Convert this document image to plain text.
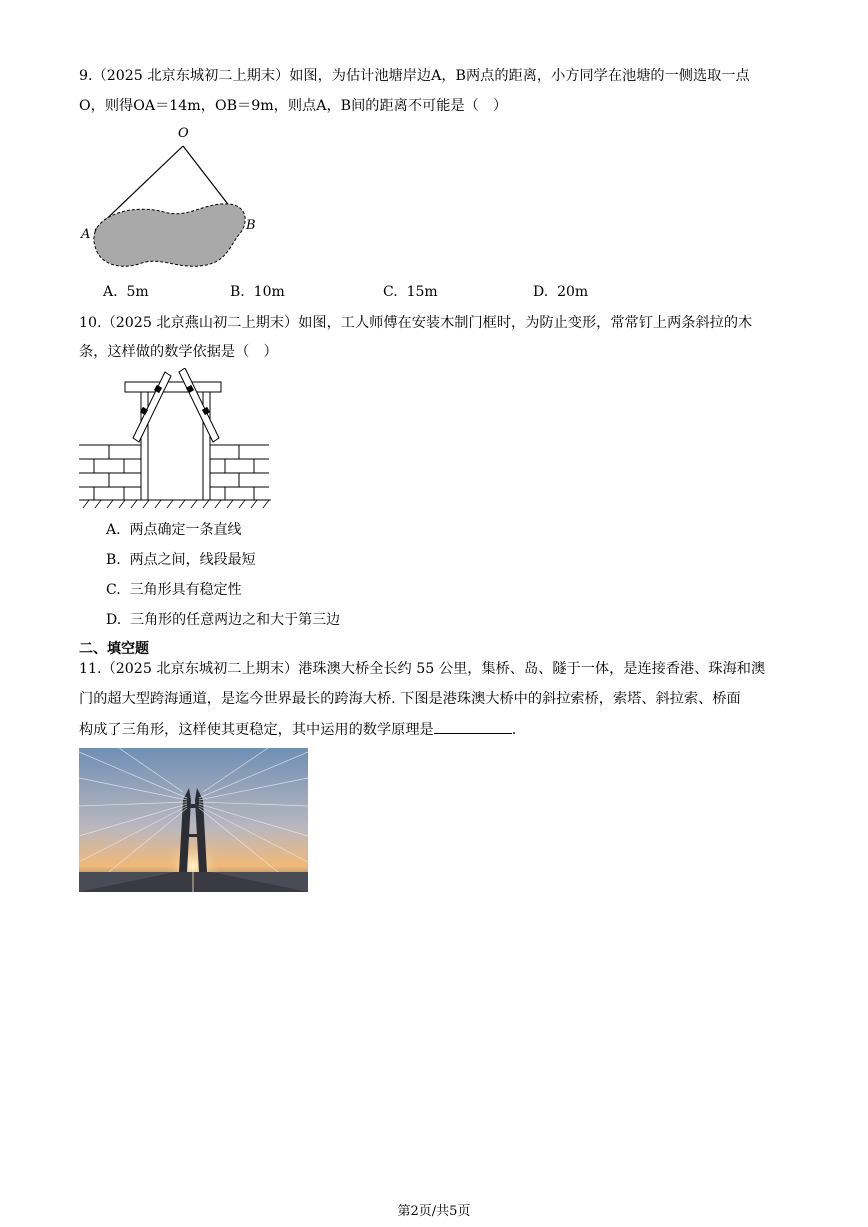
9.（2025 北京东城初二上期末）如图，为估计池塘岸边A，B两点的距离，小方同学在池塘的一侧选取一点
O，则得OA＝14m，OB＝9m，则点A，B间的距离不可能是（　）
O
A
B
A. 5m	B. 10m	C. 15m	D. 20m
10.（2025 北京燕山初二上期末）如图，工人师傅在安装木制门框时，为防止变形，常常钉上两条斜拉的木
条，这样做的数学依据是（　）
A. 两点确定一条直线
B. 两点之间，线段最短
C. 三角形具有稳定性
D. 三角形的任意两边之和大于第三边
二、填空题
11.（2025 北京东城初二上期末）港珠澳大桥全长约 55 公里，集桥、岛、隧于一体，是连接香港、珠海和澳
门的超大型跨海通道，是迄今世界最长的跨海大桥. 下图是港珠澳大桥中的斜拉索桥，索塔、斜拉索、桥面
构成了三角形，这样使其更稳定，其中运用的数学原理是	.
第2页/共5页
